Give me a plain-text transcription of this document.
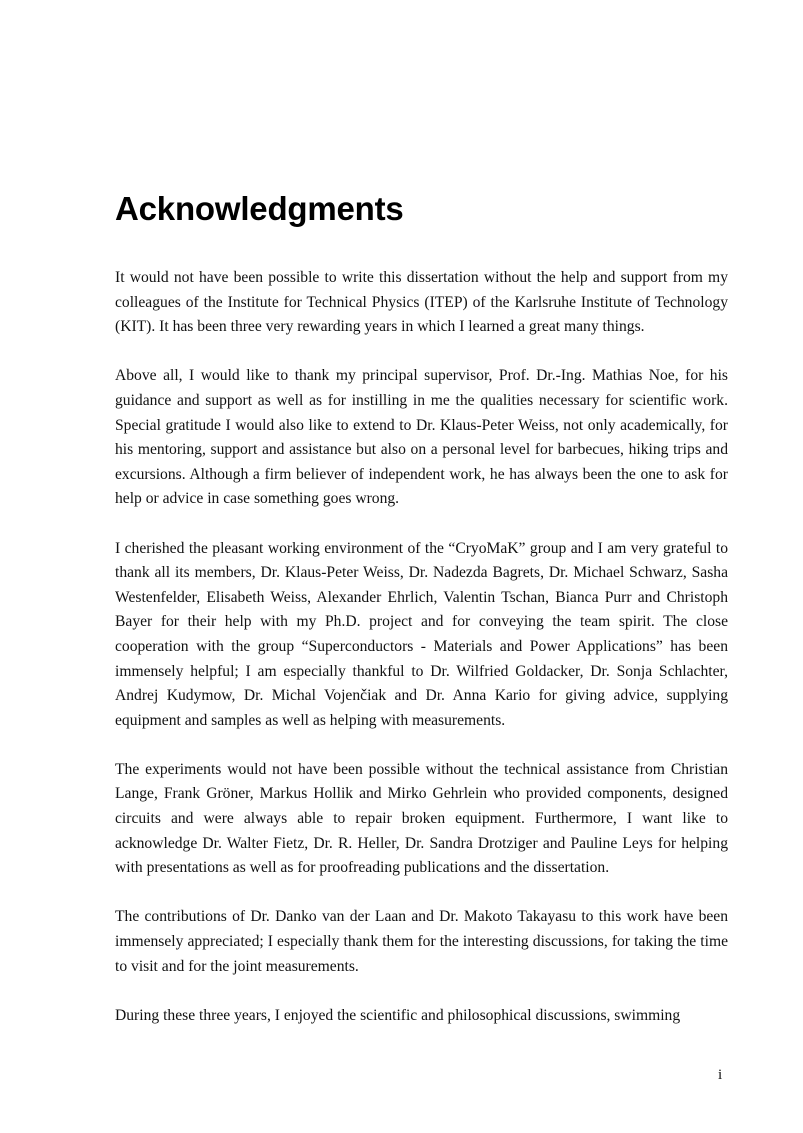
Acknowledgments

It would not have been possible to write this dissertation without the help and support from my colleagues of the Institute for Technical Physics (ITEP) of the Karlsruhe Institute of Technology (KIT). It has been three very rewarding years in which I learned a great many things.

Above all, I would like to thank my principal supervisor, Prof. Dr.-Ing. Mathias Noe, for his guidance and support as well as for instilling in me the qualities necessary for scientific work. Special gratitude I would also like to extend to Dr. Klaus-Peter Weiss, not only academically, for his mentoring, support and assistance but also on a personal level for barbecues, hiking trips and excursions. Although a firm believer of independent work, he has always been the one to ask for help or advice in case something goes wrong.

I cherished the pleasant working environment of the “CryoMaK” group and I am very grateful to thank all its members, Dr. Klaus-Peter Weiss, Dr. Nadezda Bagrets, Dr. Michael Schwarz, Sasha Westenfelder, Elisabeth Weiss, Alexander Ehrlich, Valentin Tschan, Bianca Purr and Christoph Bayer for their help with my Ph.D. project and for conveying the team spirit. The close cooperation with the group “Superconductors - Materials and Power Applications” has been immensely helpful; I am especially thankful to Dr. Wilfried Goldacker, Dr. Sonja Schlachter, Andrej Kudymow, Dr. Michal Vojenčiak and Dr. Anna Kario for giving advice, supplying equipment and samples as well as helping with measurements.

The experiments would not have been possible without the technical assistance from Christian Lange, Frank Gröner, Markus Hollik and Mirko Gehrlein who provided components, designed circuits and were always able to repair broken equipment. Furthermore, I want like to acknowledge Dr. Walter Fietz, Dr. R. Heller, Dr. Sandra Drotziger and Pauline Leys for helping with presentations as well as for proofreading publications and the dissertation.

The contributions of Dr. Danko van der Laan and Dr. Makoto Takayasu to this work have been immensely appreciated; I especially thank them for the interesting discussions, for taking the time to visit and for the joint measurements.

During these three years, I enjoyed the scientific and philosophical discussions, swimming

i
